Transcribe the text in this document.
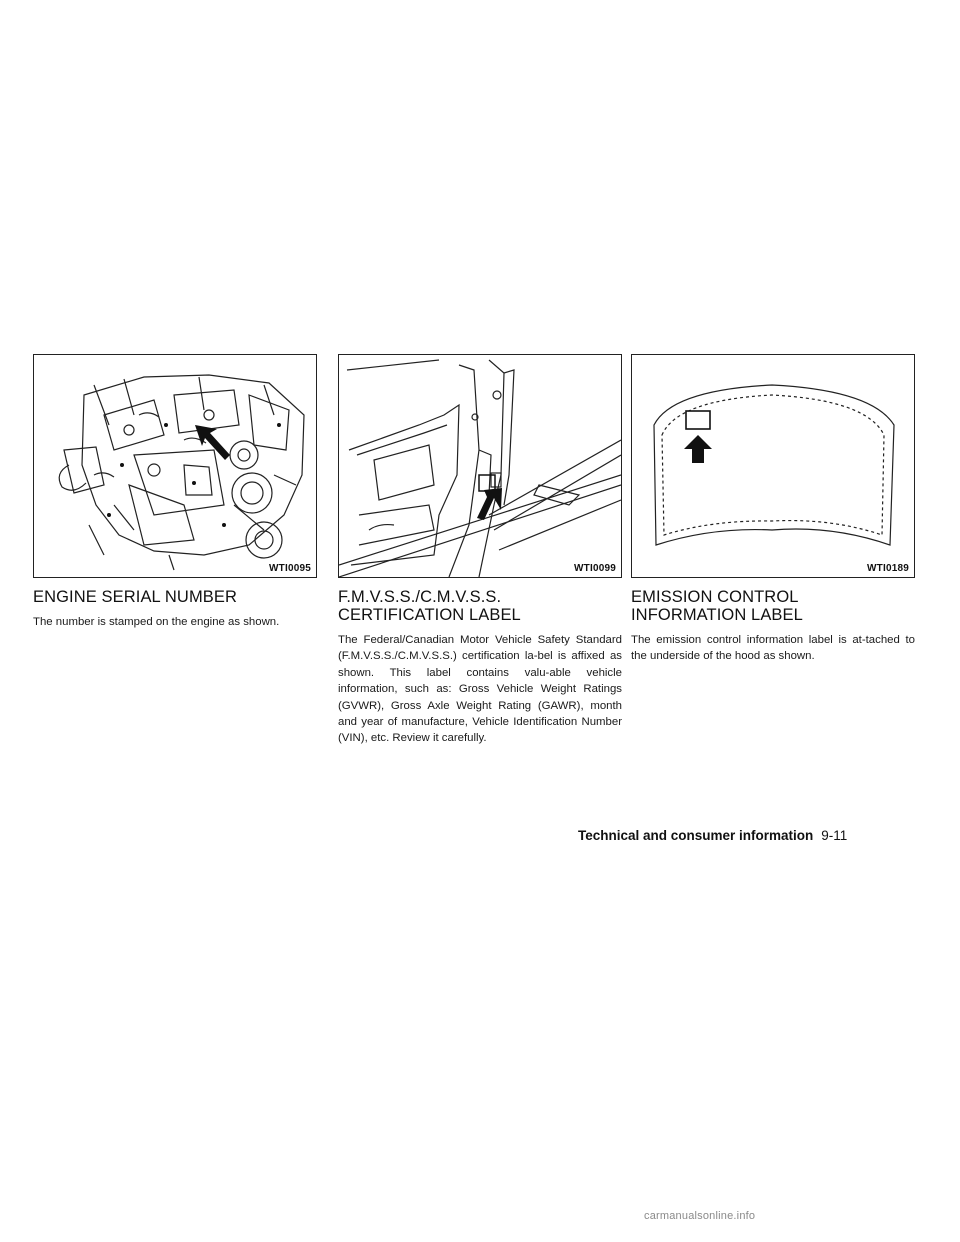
WTI0095
ENGINE SERIAL NUMBER

The number is stamped on the engine as shown.

WTI0099
F.M.V.S.S./C.M.V.S.S.
CERTIFICATION LABEL

The Federal/Canadian Motor Vehicle Safety Standard (F.M.V.S.S./C.M.V.S.S.) certification la-bel is affixed as shown. This label contains valu-able vehicle information, such as: Gross Vehicle Weight Ratings (GVWR), Gross Axle Weight Rating (GAWR), month and year of manufacture, Vehicle Identification Number (VIN), etc. Review it carefully.

WTI0189
EMISSION CONTROL
INFORMATION LABEL

The emission control information label is at-tached to the underside of the hood as shown.

Technical and consumer information 9-11
carmanualsonline.info
